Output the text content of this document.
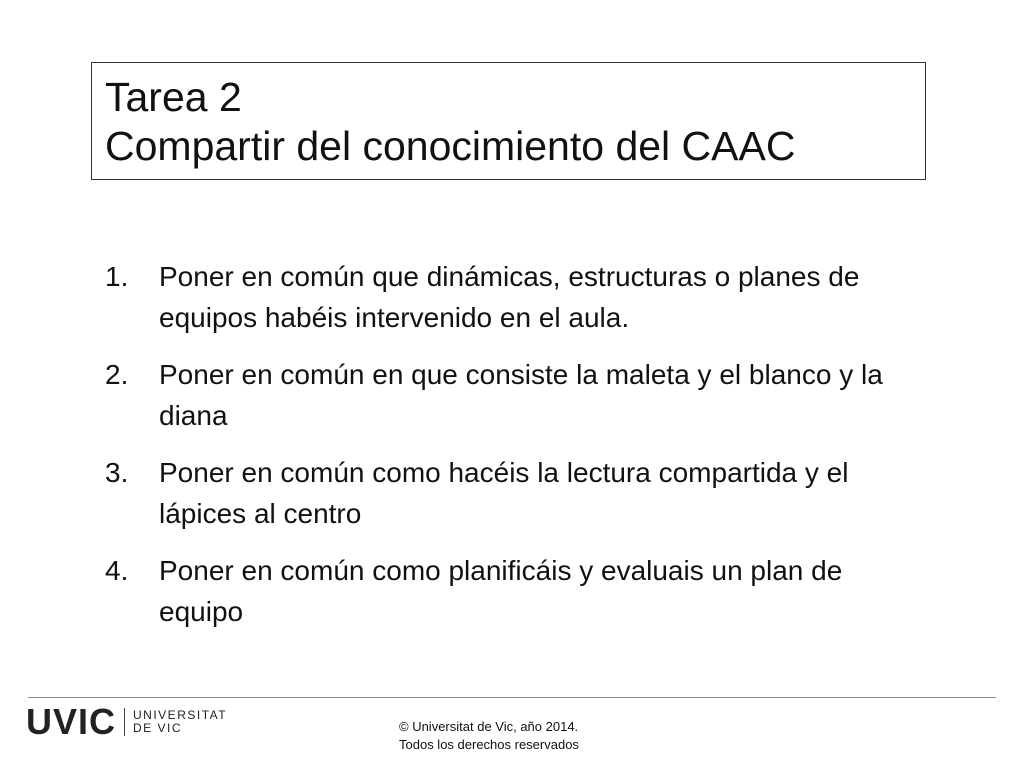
Tarea 2
Compartir del conocimiento del CAAC
1.	Poner en común que dinámicas, estructuras o planes de equipos habéis intervenido en el aula.
2.	Poner en común en que consiste la maleta y el blanco y la diana
3.	Poner en común como hacéis la lectura compartida y el lápices al centro
4.	Poner en común como planificáis y evaluais un plan de equipo
UVIC UNIVERSITAT
DE VIC	© Universitat de Vic, año 2014.
Todos los derechos reservados
